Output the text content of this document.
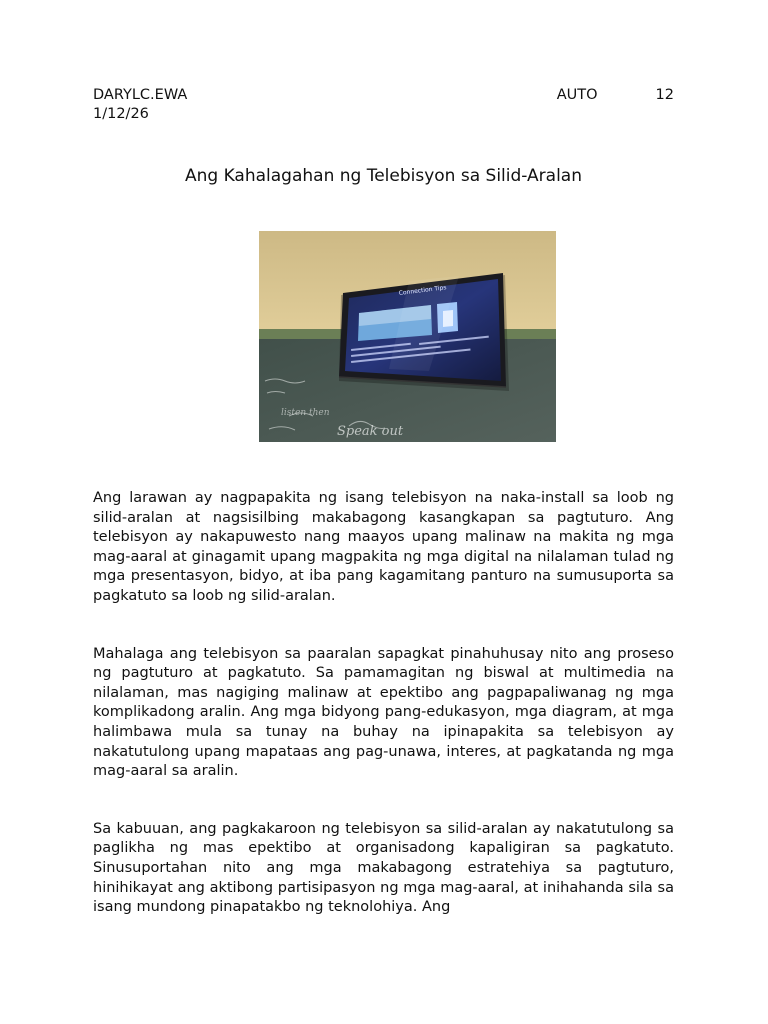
DARYL C. EWA	AUTO	12
1/12/26
Ang Kahalagahan ng Telebisyon sa Silid-Aralan
Speak out
listen then
Connection Tips

Ang larawan ay nagpapakita ng isang telebisyon na naka-install sa loob ng silid-aralan at nagsisilbing makabagong kasangkapan sa pagtuturo. Ang telebisyon ay nakapuwesto nang maayos upang malinaw na makita ng mga mag-aaral at ginagamit upang magpakita ng mga digital na nilalaman tulad ng mga presentasyon, bidyo, at iba pang kagamitang panturo na sumusuporta sa pagkatuto sa loob ng silid-aralan.

Mahalaga ang telebisyon sa paaralan sapagkat pinahuhusay nito ang proseso ng pagtuturo at pagkatuto. Sa pamamagitan ng biswal at multimedia na nilalaman, mas nagiging malinaw at epektibo ang pagpapaliwanag ng mga komplikadong aralin. Ang mga bidyong pang-edukasyon, mga diagram, at mga halimbawa mula sa tunay na buhay na ipinapakita sa telebisyon ay nakatutulong upang mapataas ang pag-unawa, interes, at pagkatanda ng mga mag-aaral sa aralin.

Sa kabuuan, ang pagkakaroon ng telebisyon sa silid-aralan ay nakatutulong sa paglikha ng mas epektibo at organisadong kapaligiran sa pagkatuto. Sinusuportahan nito ang mga makabagong estratehiya sa pagtuturo, hinihikayat ang aktibong partisipasyon ng mga mag-aaral, at inihahanda sila sa isang mundong pinapatakbo ng teknolohiya. Ang
